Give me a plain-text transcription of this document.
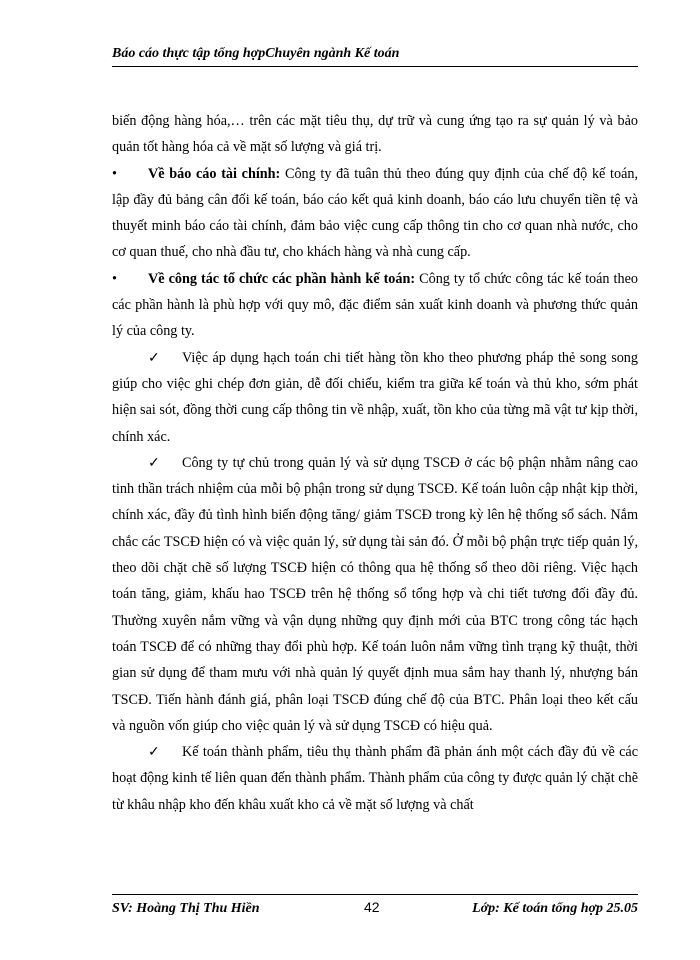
Báo cáo thực tập tổng hợpChuyên ngành Kế toán

biến động hàng hóa,… trên các mặt tiêu thụ, dự trữ và cung ứng tạo ra sự quản lý và bảo quản tốt hàng hóa cả về mặt số lượng và giá trị.

• Về báo cáo tài chính: Công ty đã tuân thủ theo đúng quy định của chế độ kế toán, lập đầy đủ bảng cân đối kế toán, báo cáo kết quả kinh doanh, báo cáo lưu chuyển tiền tệ và thuyết minh báo cáo tài chính, đảm bảo việc cung cấp thông tin cho cơ quan nhà nước, cho cơ quan thuế, cho nhà đầu tư, cho khách hàng và nhà cung cấp.

• Về công tác tổ chức các phần hành kế toán: Công ty tổ chức công tác kế toán theo các phần hành là phù hợp với quy mô, đặc điểm sản xuất kinh doanh và phương thức quản lý của công ty.

✓ Việc áp dụng hạch toán chi tiết hàng tồn kho theo phương pháp thẻ song song giúp cho việc ghi chép đơn giản, dễ đối chiếu, kiểm tra giữa kế toán và thủ kho, sớm phát hiện sai sót, đồng thời cung cấp thông tin về nhập, xuất, tồn kho của từng mã vật tư kịp thời, chính xác.

✓ Công ty tự chủ trong quản lý và sử dụng TSCĐ ở các bộ phận nhằm nâng cao tinh thần trách nhiệm của mỗi bộ phận trong sử dụng TSCĐ. Kế toán luôn cập nhật kịp thời, chính xác, đầy đủ tình hình biến động tăng/ giảm TSCĐ trong kỳ lên hệ thống sổ sách. Nắm chắc các TSCĐ hiện có và việc quản lý, sử dụng tài sản đó. Ở mỗi bộ phận trực tiếp quản lý, theo dõi chặt chẽ số lượng TSCĐ hiện có thông qua hệ thống sổ theo dõi riêng. Việc hạch toán tăng, giảm, khấu hao TSCĐ trên hệ thống sổ tổng hợp và chi tiết tương đối đầy đủ. Thường xuyên nắm vững và vận dụng những quy định mới của BTC trong công tác hạch toán TSCĐ để có những thay đổi phù hợp. Kế toán luôn nắm vững tình trạng kỹ thuật, thời gian sử dụng để tham mưu với nhà quản lý quyết định mua sắm hay thanh lý, nhượng bán TSCĐ. Tiến hành đánh giá, phân loại TSCĐ đúng chế độ của BTC. Phân loại theo kết cấu và nguồn vốn giúp cho việc quản lý và sử dụng TSCĐ có hiệu quả.

✓ Kế toán thành phẩm, tiêu thụ thành phẩm đã phản ánh một cách đầy đủ về các hoạt động kinh tế liên quan đến thành phẩm. Thành phẩm của công ty được quản lý chặt chẽ từ khâu nhập kho đến khâu xuất kho cả về mặt số lượng và chất

SV: Hoàng Thị Thu Hiền	42	Lớp: Kế toán tổng hợp 25.05
